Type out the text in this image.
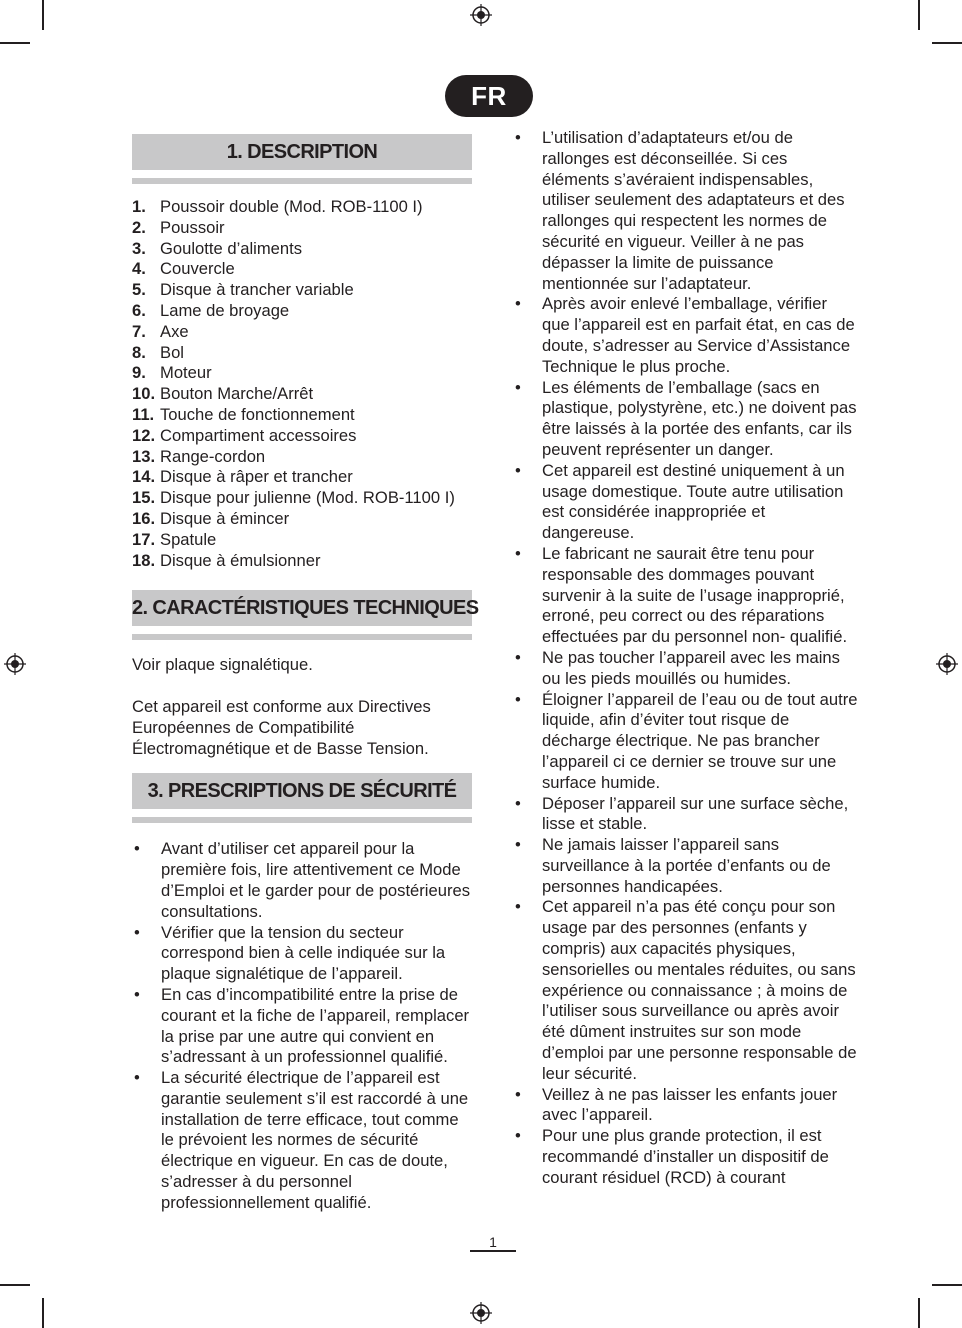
FR
1. DESCRIPTION
1. Poussoir double (Mod. ROB-1100 I)
2. Poussoir
3. Goulotte d’aliments
4. Couvercle
5. Disque à trancher variable
6. Lame de broyage
7. Axe
8. Bol
9. Moteur
10. Bouton Marche/Arrêt
11. Touche de fonctionnement
12. Compartiment accessoires
13. Range-cordon
14. Disque à râper et trancher
15. Disque pour julienne (Mod. ROB-1100 I)
16. Disque à émincer
17. Spatule
18. Disque à émulsionner
2. CARACTÉRISTIQUES TECHNIQUES

Voir plaque signalétique.

Cet appareil est conforme aux Directives Européennes de Compatibilité Électromagnétique et de Basse Tension.

3. PRESCRIPTIONS DE SÉCURITÉ
• Avant d’utiliser cet appareil pour la première fois, lire attentivement ce Mode d’Emploi et le garder pour de postérieures consultations.
• Vérifier que la tension du secteur correspond bien à celle indiquée sur la plaque signalétique de l’appareil.
• En cas d’incompatibilité entre la prise de courant et la fiche de l’appareil, remplacer la prise par une autre qui convient en s’adressant à un professionnel qualifié.
• La sécurité électrique de l’appareil est garantie seulement s’il est raccordé à une installation de terre efficace, tout comme le prévoient les normes de sécurité électrique en vigueur. En cas de doute, s’adresser à du personnel professionnellement qualifié.
• L’utilisation d’adaptateurs et/ou de rallonges est déconseillée. Si ces éléments s’avéraient indispensables, utiliser seulement des adaptateurs et des rallonges qui respectent les normes de sécurité en vigueur. Veiller à ne pas dépasser la limite de puissance mentionnée sur l’adaptateur.
• Après avoir enlevé l’emballage, vérifier que l’appareil est en parfait état, en cas de doute, s’adresser au Service d’Assistance Technique le plus proche.
• Les éléments de l’emballage (sacs en plastique, polystyrène, etc.) ne doivent pas être laissés à la portée des enfants, car ils peuvent représenter un danger.
• Cet appareil est destiné uniquement à un usage domestique. Toute autre utilisation est considérée inappropriée et dangereuse.
• Le fabricant ne saurait être tenu pour responsable des dommages pouvant survenir à la suite de l’usage inapproprié, erroné, peu correct ou des réparations effectuées par du personnel non- qualifié.
• Ne pas toucher l’appareil avec les mains ou les pieds mouillés ou humides.
• Éloigner l’appareil de l’eau ou de tout autre liquide, afin d’éviter tout risque de décharge électrique. Ne pas brancher l’appareil ci ce dernier se trouve sur une surface humide.
• Déposer l’appareil sur une surface sèche, lisse et stable.
• Ne jamais laisser l’appareil sans surveillance à la portée d’enfants ou de personnes handicapées.
• Cet appareil n’a pas été conçu pour son usage par des personnes (enfants y compris) aux capacités physiques, sensorielles ou mentales réduites, ou sans expérience ou connaissance ; à moins de l’utiliser sous surveillance ou après avoir été dûment instruites sur son mode d’emploi par une personne responsable de leur sécurité.
• Veillez à ne pas laisser les enfants jouer avec l’appareil.
• Pour une plus grande protection, il est recommandé d’installer un dispositif de courant résiduel (RCD) à courant
1
